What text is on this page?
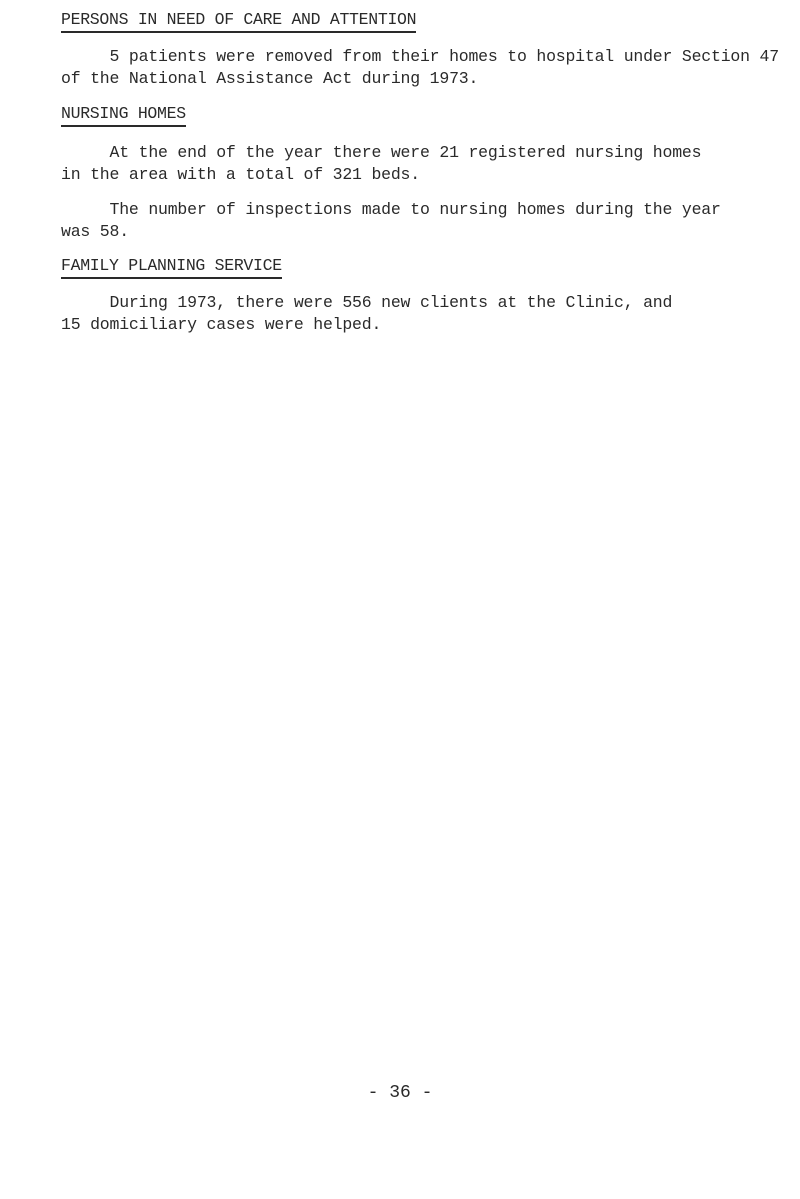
PERSONS IN NEED OF CARE AND ATTENTION
5 patients were removed from their homes to hospital under Section 47
of the National Assistance Act during 1973.
NURSING HOMES
At the end of the year there were 21 registered nursing homes
in the area with a total of 321 beds.
The number of inspections made to nursing homes during the year
was 58.
FAMILY PLANNING SERVICE
During 1973, there were 556 new clients at the Clinic, and
15 domiciliary cases were helped.
- 36 -
